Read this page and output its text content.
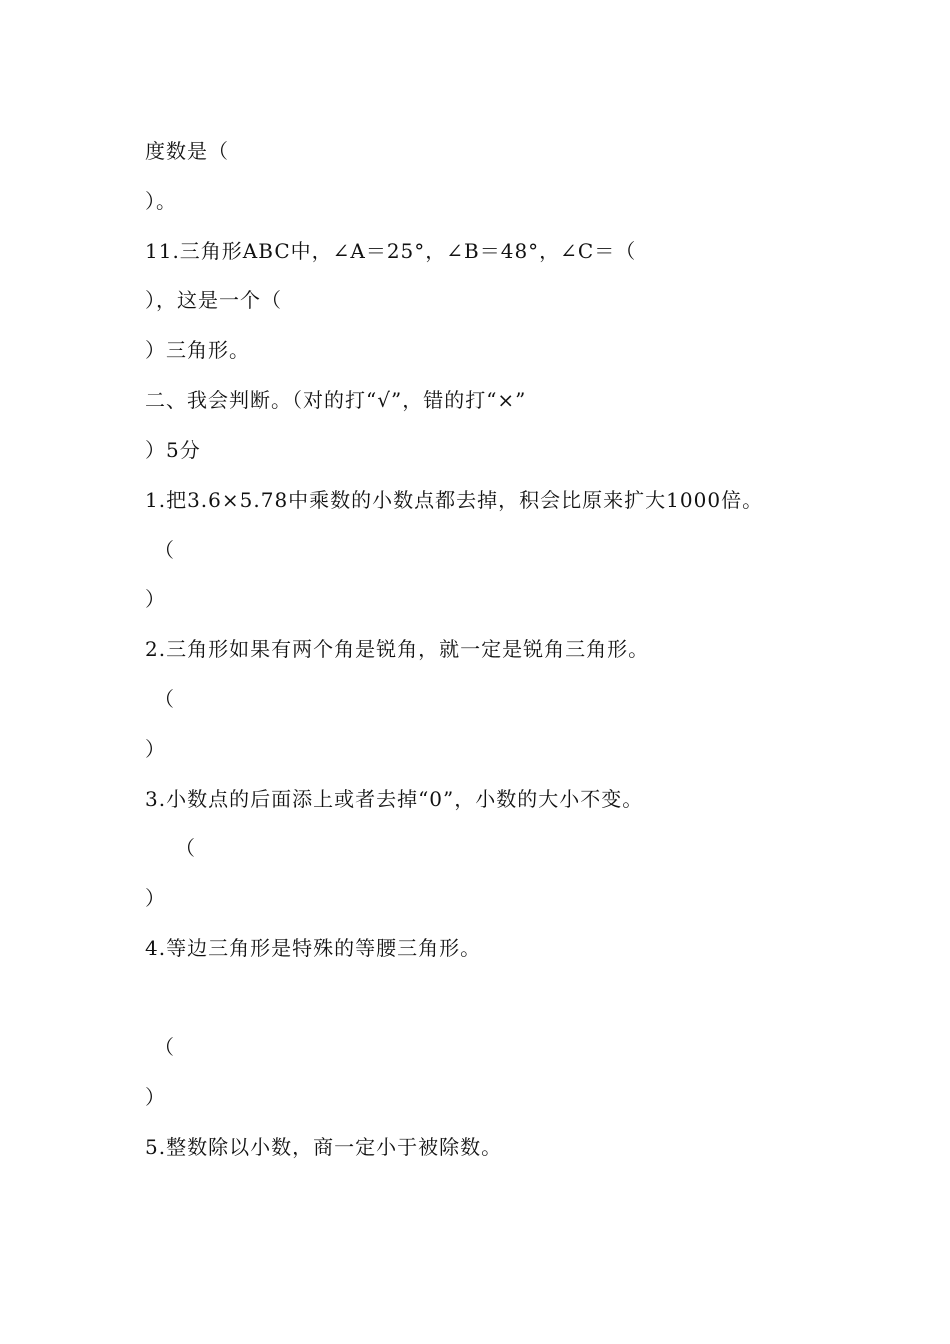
度数是（
）。
11.三角形ABC中，∠A＝25°，∠B＝48°，∠C＝（
），这是一个（
）三角形。
二、我会判断。（对的打“√”，错的打“×”
）5分
1.把3.6×5.78中乘数的小数点都去掉，积会比原来扩大1000倍。
（
）
2.三角形如果有两个角是锐角，就一定是锐角三角形。
（
）
3.小数点的后面添上或者去掉“0”，小数的大小不变。
（
）
4.等边三角形是特殊的等腰三角形。
（
）
5.整数除以小数，商一定小于被除数。
